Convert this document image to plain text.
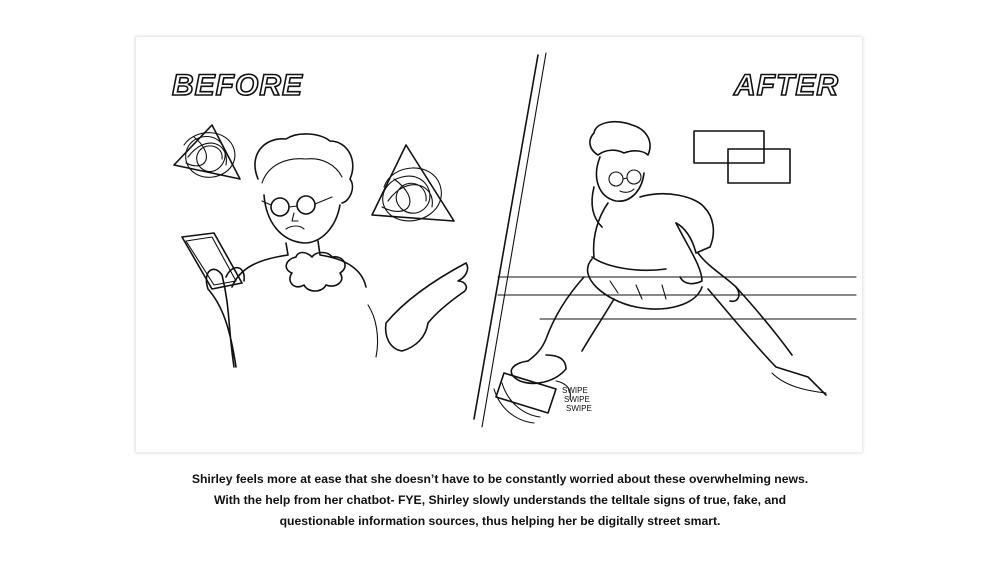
BEFORE	AFTER
SWIPE
SWIPE
SWIPE
Shirley feels more at ease that she doesn’t have to be constantly worried about these overwhelming news.
With the help from her chatbot- FYE, Shirley slowly understands the telltale signs of true, fake, and
questionable information sources, thus helping her be digitally street smart.
